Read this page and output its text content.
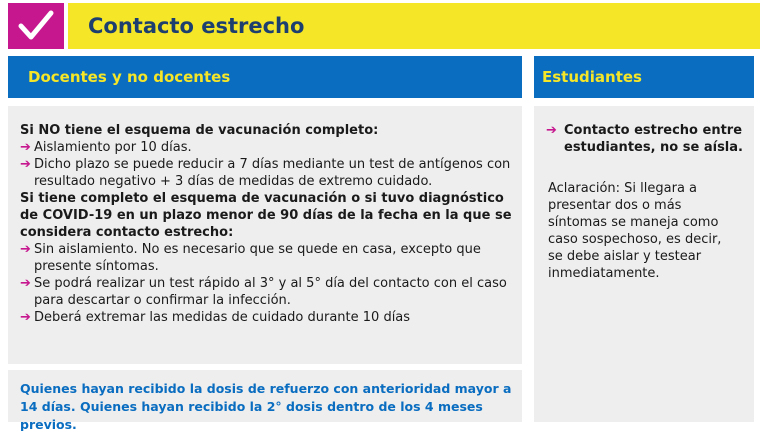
Contacto estrecho
Docentes y no docentes	Estudiantes
Si NO tiene el esquema de vacunación completo:
➔ Aislamiento por 10 días.
➔ Dicho plazo se puede reducir a 7 días mediante un test de antígenos con resultado negativo + 3 días de medidas de extremo cuidado.
Si tiene completo el esquema de vacunación o si tuvo diagnóstico de COVID-19 en un plazo menor de 90 días de la fecha en la que se considera contacto estrecho:
➔ Sin aislamiento. No es necesario que se quede en casa, excepto que presente síntomas.
➔ Se podrá realizar un test rápido al 3° y al 5° día del contacto con el caso para descartar o confirmar la infección.
➔ Deberá extremar las medidas de cuidado durante 10 días
Quienes hayan recibido la dosis de refuerzo con anterioridad mayor a 14 días. Quienes hayan recibido la 2° dosis dentro de los 4 meses previos.
➔ Contacto estrecho entre estudiantes, no se aísla.
Aclaración: Si llegara a presentar dos o más síntomas se maneja como caso sospechoso, es decir, se debe aislar y testear inmediatamente.
